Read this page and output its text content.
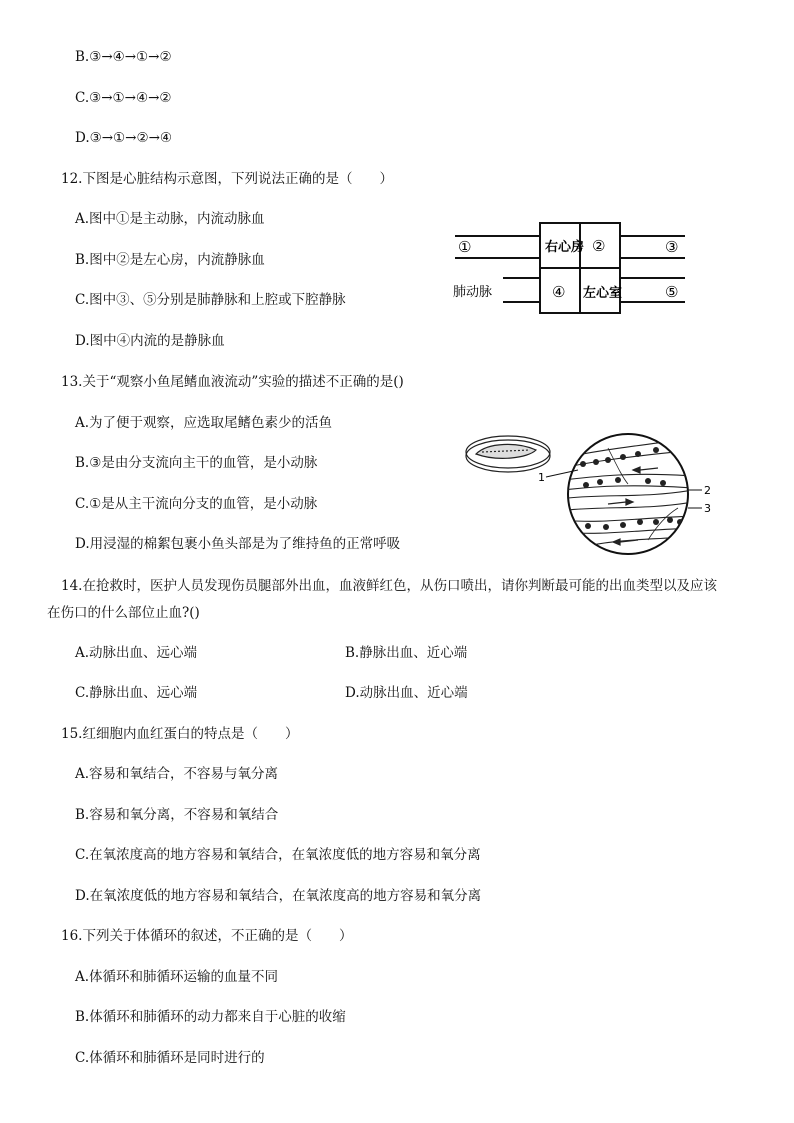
B.③→④→①→②
C.③→①→④→②
D.③→①→②→④
12.下图是心脏结构示意图，下列说法正确的是（　　）
A.图中①是主动脉，内流动脉血
B.图中②是左心房，内流静脉血
C.图中③、⑤分别是肺静脉和上腔或下腔静脉
D.图中④内流的是静脉血
①	右心房 ②	③
肺动脉	④ 左心室	⑤
13.关于“观察小鱼尾鳍血液流动”实验的描述不正确的是()
A.为了便于观察，应选取尾鳍色素少的活鱼
B.③是由分支流向主干的血管，是小动脉
C.①是从主干流向分支的血管，是小动脉
D.用浸湿的棉絮包裹小鱼头部是为了维持鱼的正常呼吸
1
2
3
14.在抢救时，医护人员发现伤员腿部外出血，血液鲜红色，从伤口喷出，请你判断最可能的出血类型以及应该
在伤口的什么部位止血?()
A.动脉出血、远心端	B.静脉出血、近心端
C.静脉出血、远心端	D.动脉出血、近心端
15.红细胞内血红蛋白的特点是（　　）
A.容易和氧结合，不容易与氧分离
B.容易和氧分离，不容易和氧结合
C.在氧浓度高的地方容易和氧结合，在氧浓度低的地方容易和氧分离
D.在氧浓度低的地方容易和氧结合，在氧浓度高的地方容易和氧分离
16.下列关于体循环的叙述，不正确的是（　　）
A.体循环和肺循环运输的血量不同
B.体循环和肺循环的动力都来自于心脏的收缩
C.体循环和肺循环是同时进行的
